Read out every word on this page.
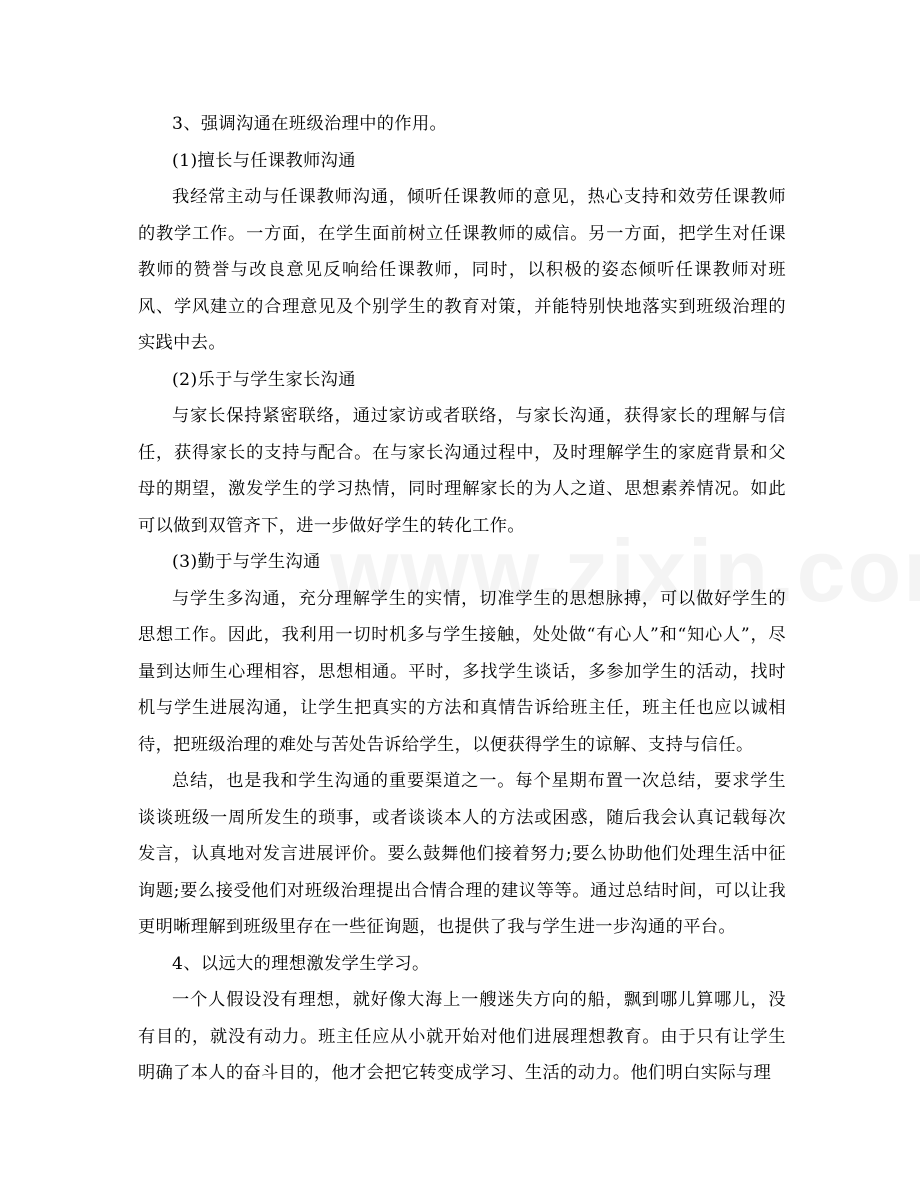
3、强调沟通在班级治理中的作用。

(1)擅长与任课教师沟通

我经常主动与任课教师沟通，倾听任课教师的意见，热心支持和效劳任课教师的教学工作。一方面，在学生面前树立任课教师的威信。另一方面，把学生对任课教师的赞誉与改良意见反响给任课教师，同时，以积极的姿态倾听任课教师对班风、学风建立的合理意见及个别学生的教育对策，并能特别快地落实到班级治理的实践中去。

(2)乐于与学生家长沟通

与家长保持紧密联络，通过家访或者联络，与家长沟通，获得家长的理解与信任，获得家长的支持与配合。在与家长沟通过程中，及时理解学生的家庭背景和父母的期望，激发学生的学习热情，同时理解家长的为人之道、思想素养情况。如此可以做到双管齐下，进一步做好学生的转化工作。

(3)勤于与学生沟通

与学生多沟通，充分理解学生的实情，切准学生的思想脉搏，可以做好学生的思想工作。因此，我利用一切时机多与学生接触，处处做“有心人”和“知心人”，尽量到达师生心理相容，思想相通。平时，多找学生谈话，多参加学生的活动，找时机与学生进展沟通，让学生把真实的方法和真情告诉给班主任，班主任也应以诚相待，把班级治理的难处与苦处告诉给学生，以便获得学生的谅解、支持与信任。

总结，也是我和学生沟通的重要渠道之一。每个星期布置一次总结，要求学生谈谈班级一周所发生的琐事，或者谈谈本人的方法或困惑，随后我会认真记载每次发言，认真地对发言进展评价。要么鼓舞他们接着努力;要么协助他们处理生活中征询题;要么接受他们对班级治理提出合情合理的建议等等。通过总结时间，可以让我更明晰理解到班级里存在一些征询题，也提供了我与学生进一步沟通的平台。

4、以远大的理想激发学生学习。

一个人假设没有理想，就好像大海上一艘迷失方向的船，飘到哪儿算哪儿，没有目的，就没有动力。班主任应从小就开始对他们进展理想教育。由于只有让学生明确了本人的奋斗目的，他才会把它转变成学习、生活的动力。他们明白实际与理
